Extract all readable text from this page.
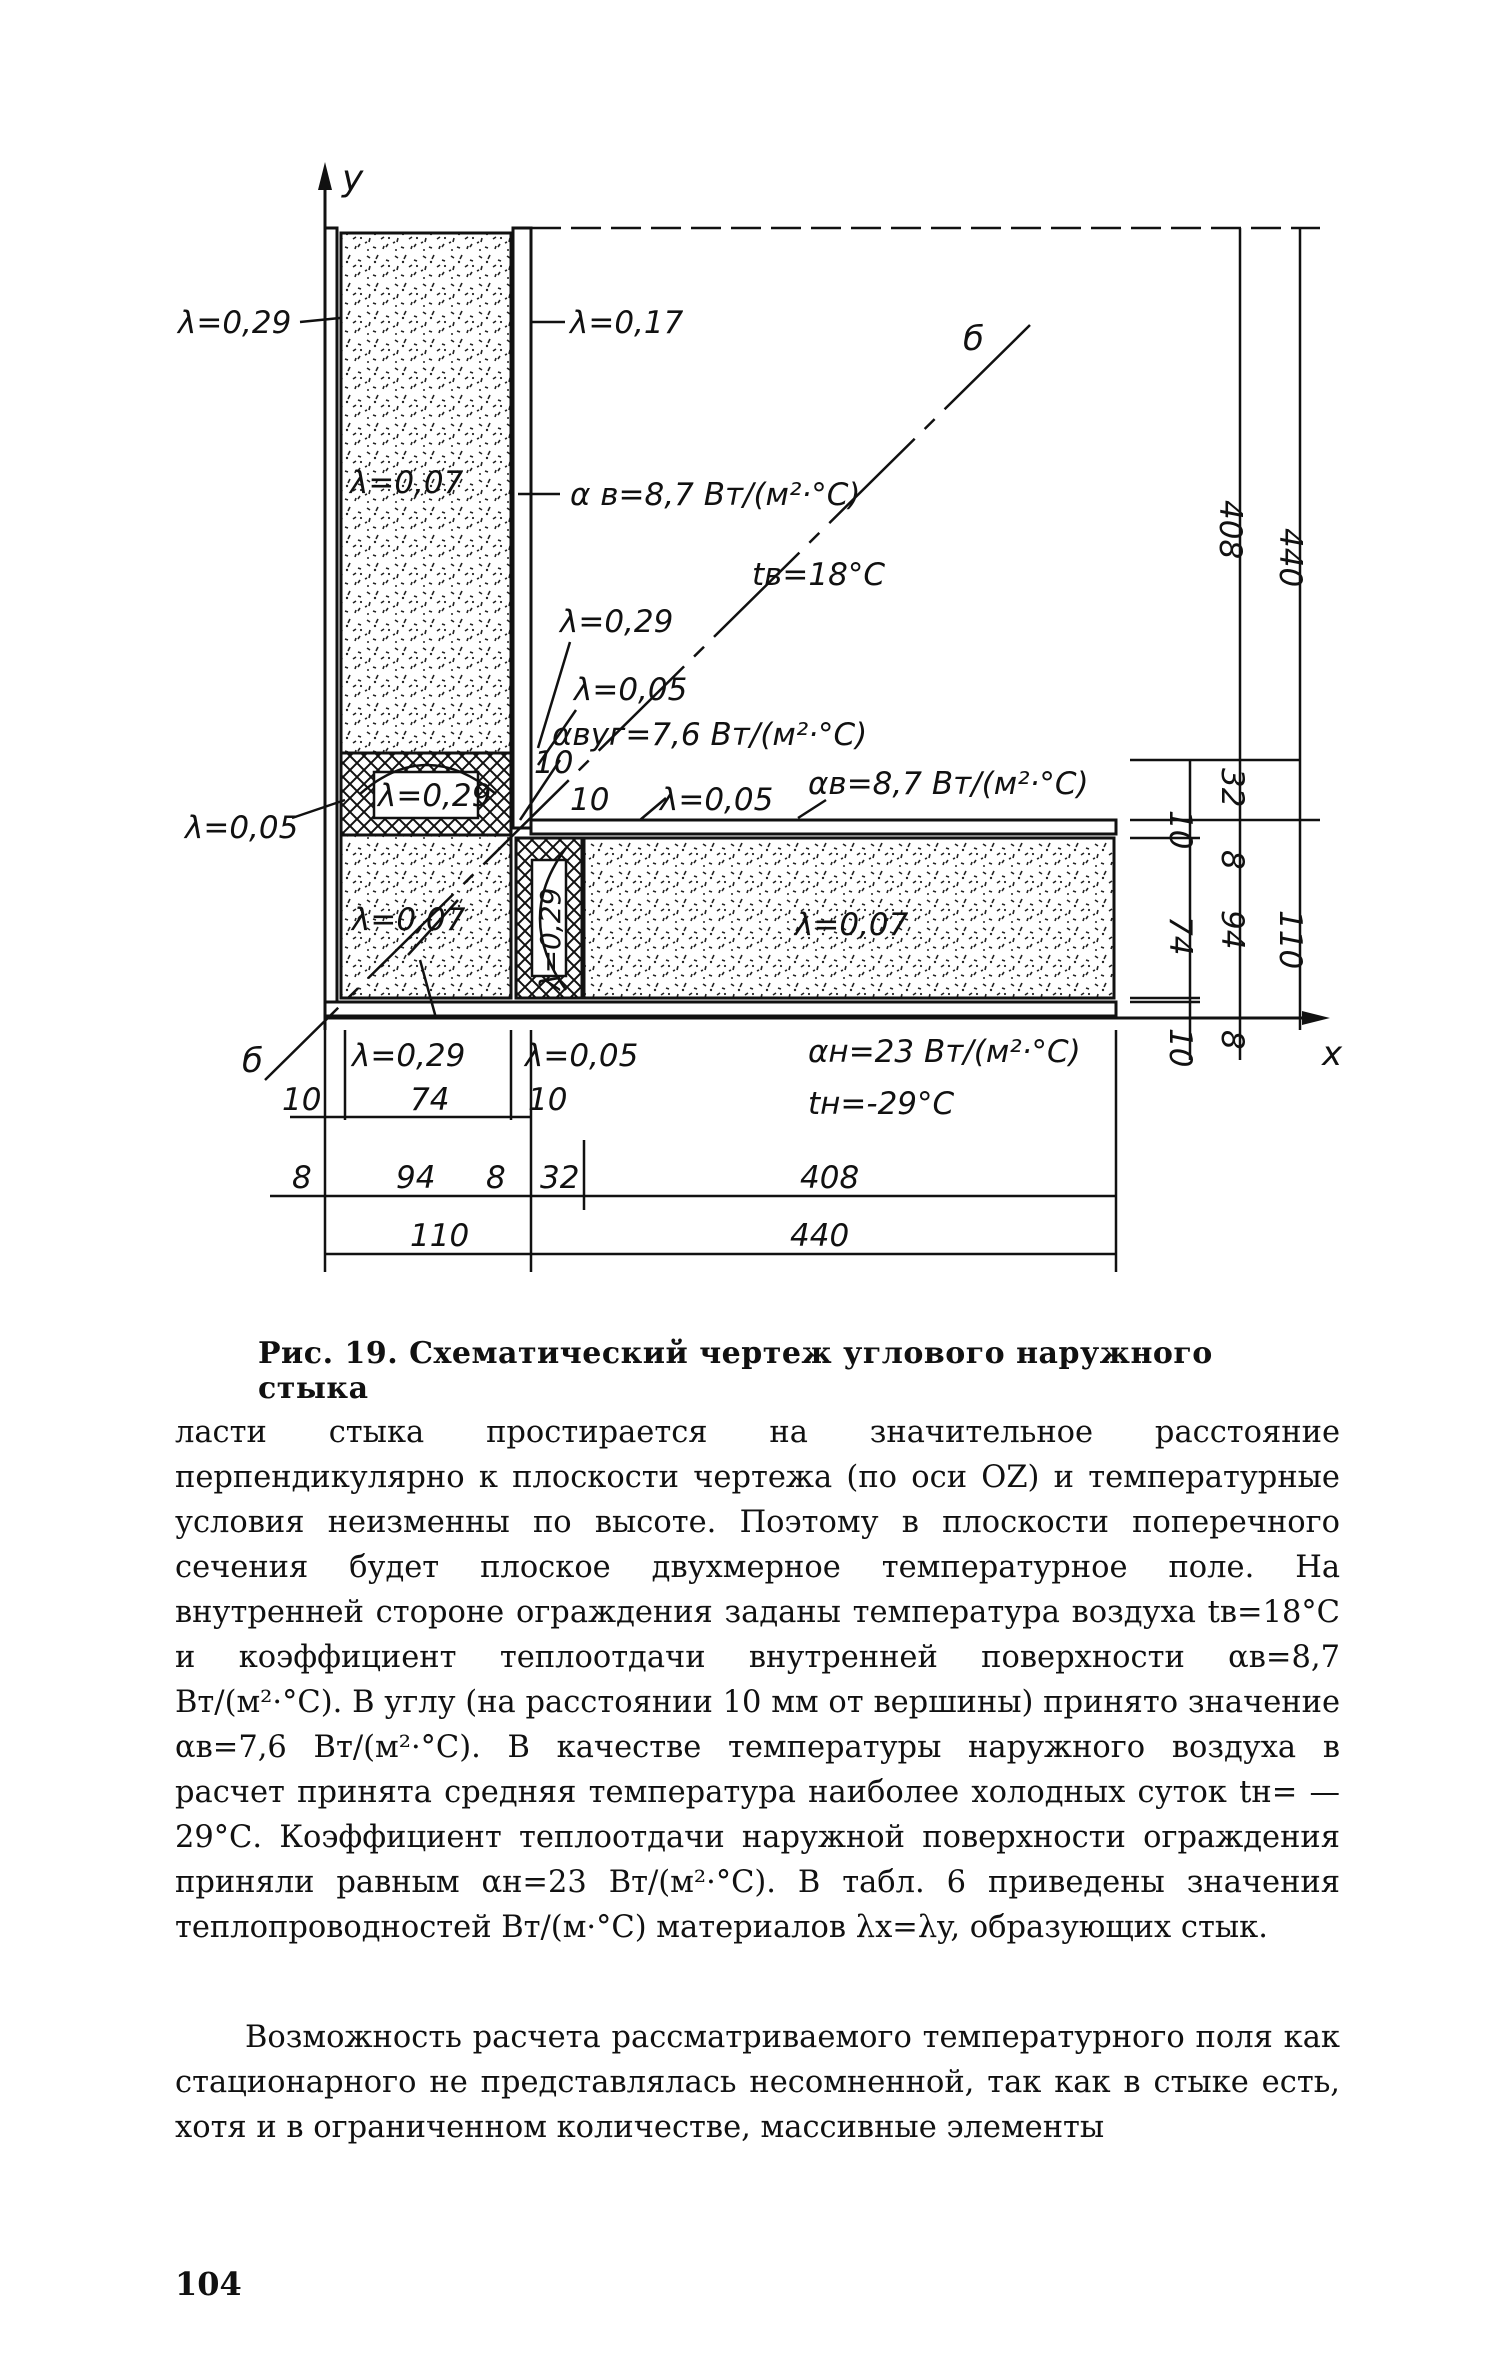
y
x
б
б
λ=0,29	λ=0,17
λ=0,07	α в=8,7 Вт/(м²·°С)
tв=18°С
λ=0,29
λ=0,05
αвуг=7,6 Вт/(м²·°С)
10
10 λ=0,05 αв=8,7 Вт/(м²·°С)
λ=0,05
λ=0,29
λ=0,07 λ=0,29	λ=0,07
λ=0,29 λ=0,05	αн=23 Вт/(м²·°С)
tн=-29°С
10	74	10
8	94 8 32	408
110	440
10
74
10
408
32
8
94
8
440
110
Рис. 19. Схематический чертеж углового наружного стыка

ласти стыка простирается на значительное расстояние перпендикулярно к плоскости чертежа (по оси OZ) и температурные условия неизменны по высоте. Поэтому в плоскости поперечного сечения будет плоское двухмерное температурное поле. На внутренней стороне ограждения заданы температура воздуха tв=18°С и коэффициент теплоотдачи внутренней поверхности αв=8,7 Вт/(м²·°С). В углу (на расстоянии 10 мм от вершины) принято значение αв=7,6 Вт/(м²·°С). В качестве температуры наружного воздуха в расчет принята средняя температура наиболее холодных суток tн= —29°С. Коэффициент теплоотдачи наружной поверхности ограждения приняли равным αн=23 Вт/(м²·°С). В табл. 6 приведены значения теплопроводностей Вт/(м·°С) материалов λx=λy, образующих стык.

Возможность расчета рассматриваемого температурного поля как стационарного не представлялась несомненной, так как в стыке есть, хотя и в ограниченном количестве, массивные элементы

104
